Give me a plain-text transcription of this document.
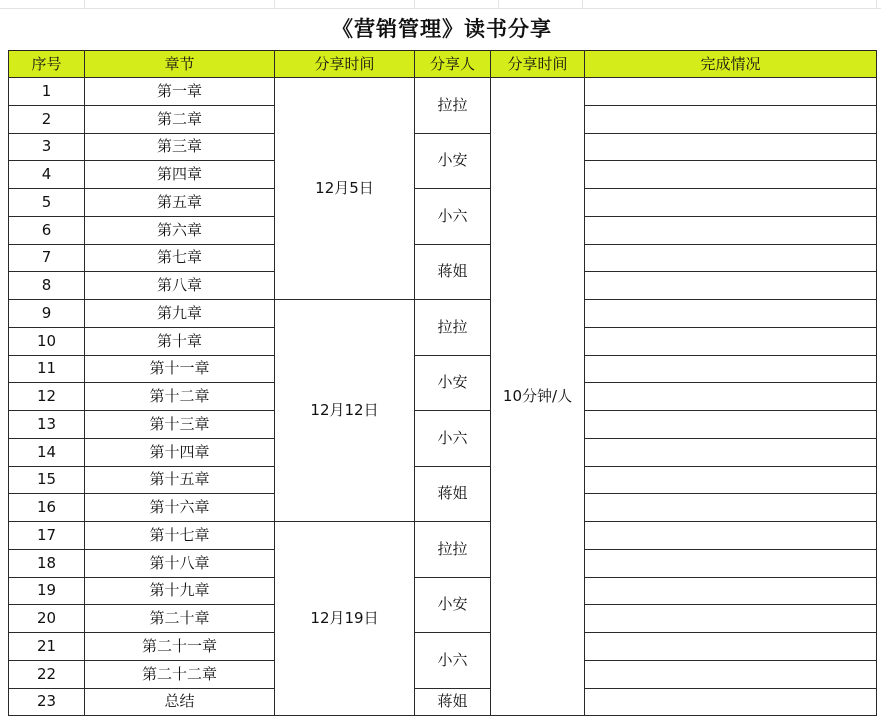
《营销管理》读书分享
序号	章节	分享时间	分享人	分享时间	完成情况
1	第一章	12月5日	拉拉	10分钟/人	
2	第二章				
3	第三章		小安		
4	第四章				
5	第五章		小六		
6	第六章				
7	第七章		蒋姐		
8	第八章				
9	第九章	12月12日	拉拉		
10	第十章				
11	第十一章		小安		
12	第十二章				
13	第十三章		小六		
14	第十四章				
15	第十五章		蒋姐		
16	第十六章				
17	第十七章	12月19日	拉拉		
18	第十八章				
19	第十九章		小安		
20	第二十章				
21	第二十一章		小六		
22	第二十二章				
23	总结		蒋姐		
